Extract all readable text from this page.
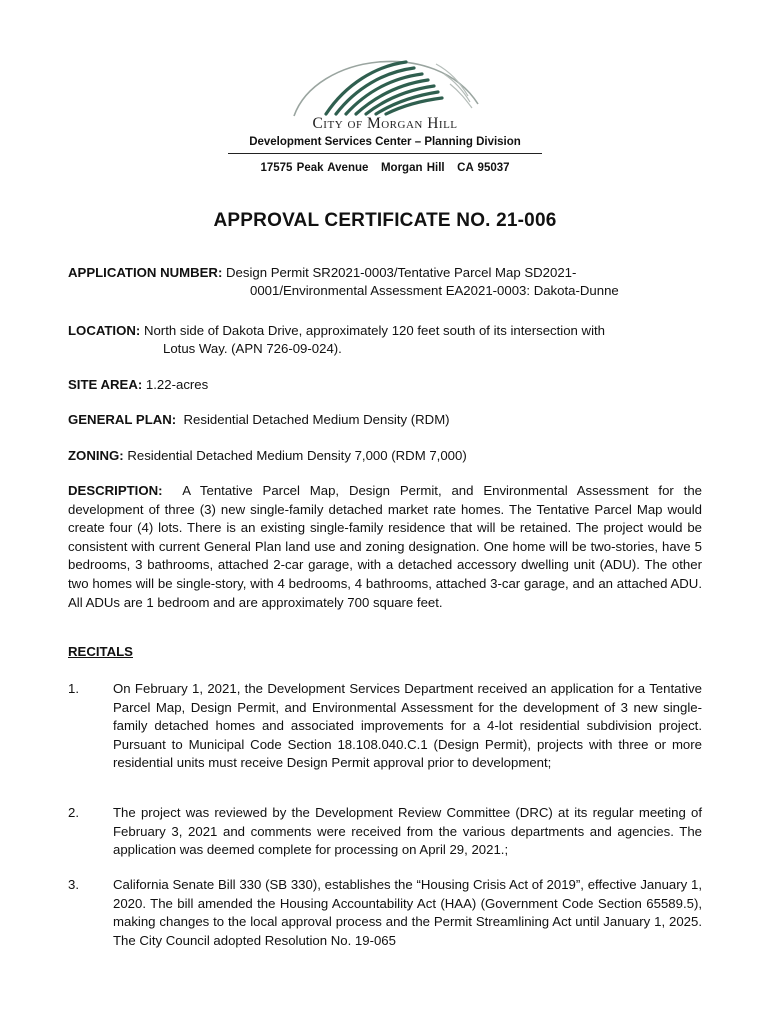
City of Morgan Hill
Development Services Center – Planning Division
17575 Peak Avenue   Morgan Hill   CA 95037
APPROVAL CERTIFICATE NO. 21-006
APPLICATION NUMBER: Design Permit SR2021-0003/Tentative Parcel Map SD2021-
0001/Environmental Assessment EA2021-0003: Dakota-Dunne
LOCATION: North side of Dakota Drive, approximately 120 feet south of its intersection with
Lotus Way. (APN 726-09-024).
SITE AREA: 1.22-acres
GENERAL PLAN: Residential Detached Medium Density (RDM)
ZONING: Residential Detached Medium Density 7,000 (RDM 7,000)
DESCRIPTION: A Tentative Parcel Map, Design Permit, and Environmental Assessment for the development of three (3) new single-family detached market rate homes. The Tentative Parcel Map would create four (4) lots. There is an existing single-family residence that will be retained. The project would be consistent with current General Plan land use and zoning designation. One home will be two-stories, have 5 bedrooms, 3 bathrooms, attached 2-car garage, with a detached accessory dwelling unit (ADU). The other two homes will be single-story, with 4 bedrooms, 4 bathrooms, attached 3-car garage, and an attached ADU. All ADUs are 1 bedroom and are approximately 700 square feet.
RECITALS
1.	On February 1, 2021, the Development Services Department received an application for a Tentative Parcel Map, Design Permit, and Environmental Assessment for the development of 3 new single-family detached homes and associated improvements for a 4-lot residential subdivision project. Pursuant to Municipal Code Section 18.108.040.C.1 (Design Permit), projects with three or more residential units must receive Design Permit approval prior to development;
2.	The project was reviewed by the Development Review Committee (DRC) at its regular meeting of February 3, 2021 and comments were received from the various departments and agencies. The application was deemed complete for processing on April 29, 2021.;
3.	California Senate Bill 330 (SB 330), establishes the “Housing Crisis Act of 2019”, effective January 1, 2020. The bill amended the Housing Accountability Act (HAA) (Government Code Section 65589.5), making changes to the local approval process and the Permit Streamlining Act until January 1, 2025. The City Council adopted Resolution No. 19-065
